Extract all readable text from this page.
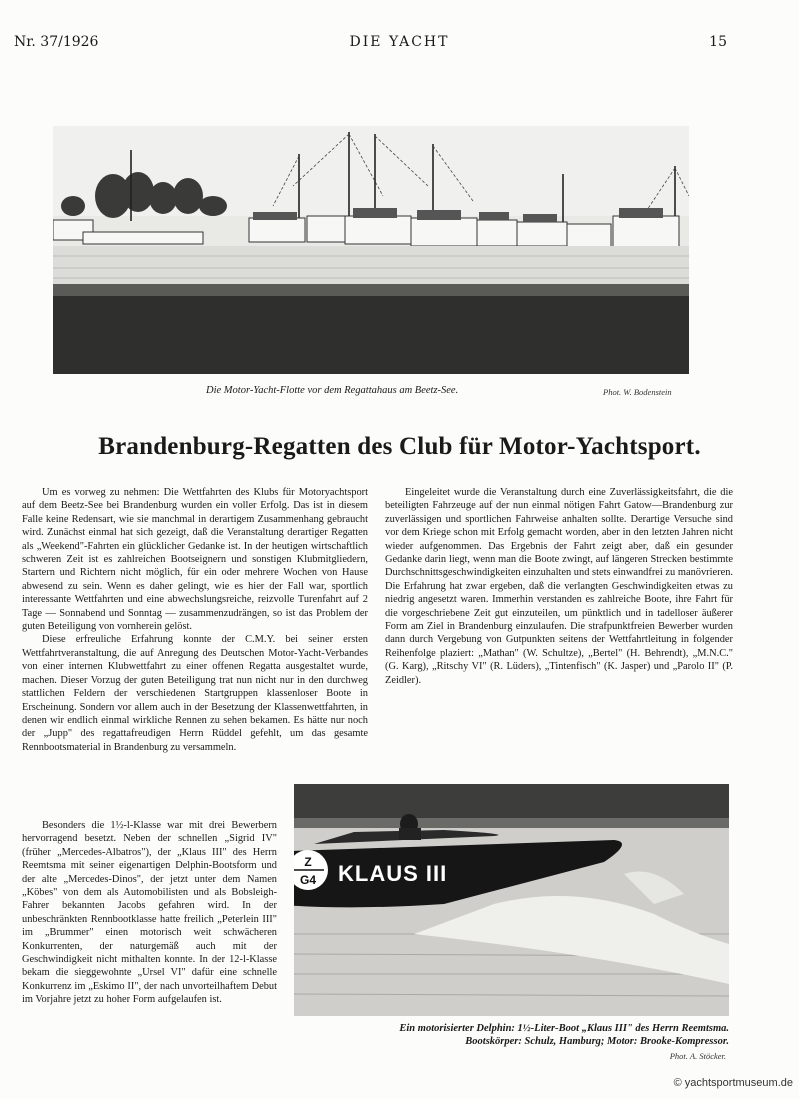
Nr. 37/1926	DIE YACHT	15
Die Motor-Yacht-Flotte vor dem Regattahaus am Beetz-See.	Phot. W. Bodenstein
Brandenburg-Regatten des Club für Motor-Yachtsport.

Um es vorweg zu nehmen: Die Wettfahrten des Klubs für Motoryachtsport auf dem Beetz-See bei Brandenburg wurden ein voller Erfolg. Das ist in diesem Falle keine Redensart, wie sie manchmal in derartigem Zusammenhang gebraucht wird. Zunächst einmal hat sich gezeigt, daß die Veranstaltung derartiger Regatten als „Weekend"-Fahrten ein glücklicher Gedanke ist. In der heutigen wirtschaftlich schweren Zeit ist es zahlreichen Bootseignern und sonstigen Klubmitgliedern, Startern und Richtern nicht möglich, für ein oder mehrere Wochen von Hause abwesend zu sein. Wenn es daher gelingt, wie es hier der Fall war, sportlich interessante Wettfahrten und eine abwechslungsreiche, reizvolle Turenfahrt auf 2 Tage — Sonnabend und Sonntag — zusammenzudrängen, so ist das Problem der guten Beteiligung von vornherein gelöst.

Diese erfreuliche Erfahrung konnte der C.M.Y. bei seiner ersten Wettfahrtveranstaltung, die auf Anregung des Deutschen Motor-Yacht-Verbandes von einer internen Klubwettfahrt zu einer offenen Regatta ausgestaltet wurde, machen. Dieser Vorzug der guten Beteiligung trat nun nicht nur in den durchweg stattlichen Feldern der verschiedenen Startgruppen klassenloser Boote in Erscheinung. Sondern vor allem auch in der Besetzung der Klassenwettfahrten, in denen wir endlich einmal wirkliche Rennen zu sehen bekamen. Es hätte nur noch der „Jupp" des regattafreudigen Herrn Rüddel gefehlt, um das gesamte Rennbootsmaterial in Brandenburg zu versammeln.

Besonders die 1½-l-Klasse war mit drei Bewerbern hervorragend besetzt. Neben der schnellen „Sigrid IV" (früher „Mercedes-Albatros"), der „Klaus III" des Herrn Reemtsma mit seiner eigenartigen Delphin-Bootsform und der alte „Mercedes-Dinos", der jetzt unter dem Namen „Köbes" von dem als Automobilisten und als Bobsleigh-Fahrer bekannten Jacobs gefahren wird. In der unbeschränkten Rennbootklasse hatte freilich „Peterlein III" im „Brummer" einen motorisch weit schwächeren Konkurrenten, der naturgemäß auch mit der Geschwindigkeit nicht mithalten konnte. In der 12-l-Klasse bekam die sieggewohnte „Ursel VI" dafür eine schnelle Konkurrenz im „Eskimo II", der nach unvorteilhaftem Debut im Vorjahre jetzt zu hoher Form aufgelaufen ist.

Eingeleitet wurde die Veranstaltung durch eine Zuverlässigkeitsfahrt, die die beteiligten Fahrzeuge auf der nun einmal nötigen Fahrt Gatow—Brandenburg zur zuverlässigen und sportlichen Fahrweise anhalten sollte. Derartige Versuche sind vor dem Kriege schon mit Erfolg gemacht worden, aber in den letzten Jahren nicht wieder aufgenommen. Das Ergebnis der Fahrt zeigt aber, daß ein gesunder Gedanke darin liegt, wenn man die Boote zwingt, auf längeren Strecken bestimmte Durchschnittsgeschwindigkeiten einzuhalten und stets einwandfrei zu manövrieren. Die Erfahrung hat zwar ergeben, daß die verlangten Geschwindigkeiten etwas zu niedrig angesetzt waren. Immerhin verstanden es zahlreiche Boote, ihre Fahrt für die vorgeschriebene Zeit gut einzuteilen, um pünktlich und in tadelloser äußerer Form am Ziel in Brandenburg einzulaufen. Die strafpunktfreien Bewerber wurden dann durch Vergebung von Gutpunkten seitens der Wettfahrtleitung in folgender Reihenfolge plaziert: „Mathan" (W. Schultze), „Bertel" (H. Behrendt), „M.N.C." (G. Karg), „Ritschy VI" (R. Lüders), „Tintenfisch" (K. Jasper) und „Parolo II" (P. Zeidler).

Z
G4 KLAUS III
Ein motorisierter Delphin: 1½-Liter-Boot „Klaus III" des Herrn Reemtsma.
Bootskörper: Schulz, Hamburg; Motor: Brooke-Kompressor.
Phot. A. Stöcker.
© yachtsportmuseum.de
